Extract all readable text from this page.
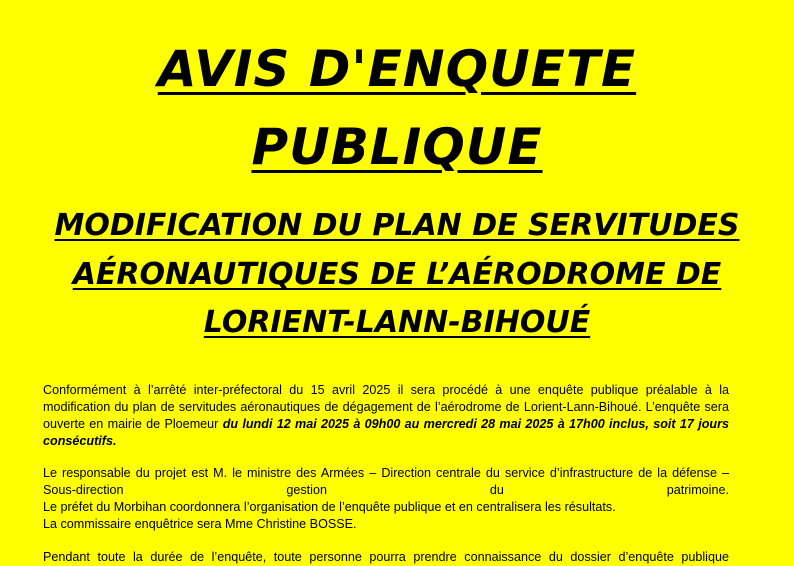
AVIS D'ENQUETE
PUBLIQUE
MODIFICATION DU PLAN DE SERVITUDES
AÉRONAUTIQUES DE L’AÉRODROME DE
LORIENT-LANN-BIHOUÉ
Conformément à l’arrêté inter-préfectoral du 15 avril 2025 il sera procédé à une enquête publique préalable à la modification du plan de servitudes aéronautiques de dégagement de l’aérodrome de Lorient-Lann-Bihoué. L’enquête sera ouverte en mairie de Ploemeur du lundi 12 mai 2025 à 09h00 au mercredi 28 mai 2025 à 17h00 inclus, soit 17 jours consécutifs.
Le responsable du projet est M. le ministre des Armées – Direction centrale du service d’infrastructure de la défense – Sous-direction gestion du patrimoine.
Le préfet du Morbihan coordonnera l’organisation de l’enquête publique et en centralisera les résultats.
La commissaire enquêtrice sera Mme Christine BOSSE.
Pendant toute la durée de l’enquête, toute personne pourra prendre connaissance du dossier d’enquête publique
